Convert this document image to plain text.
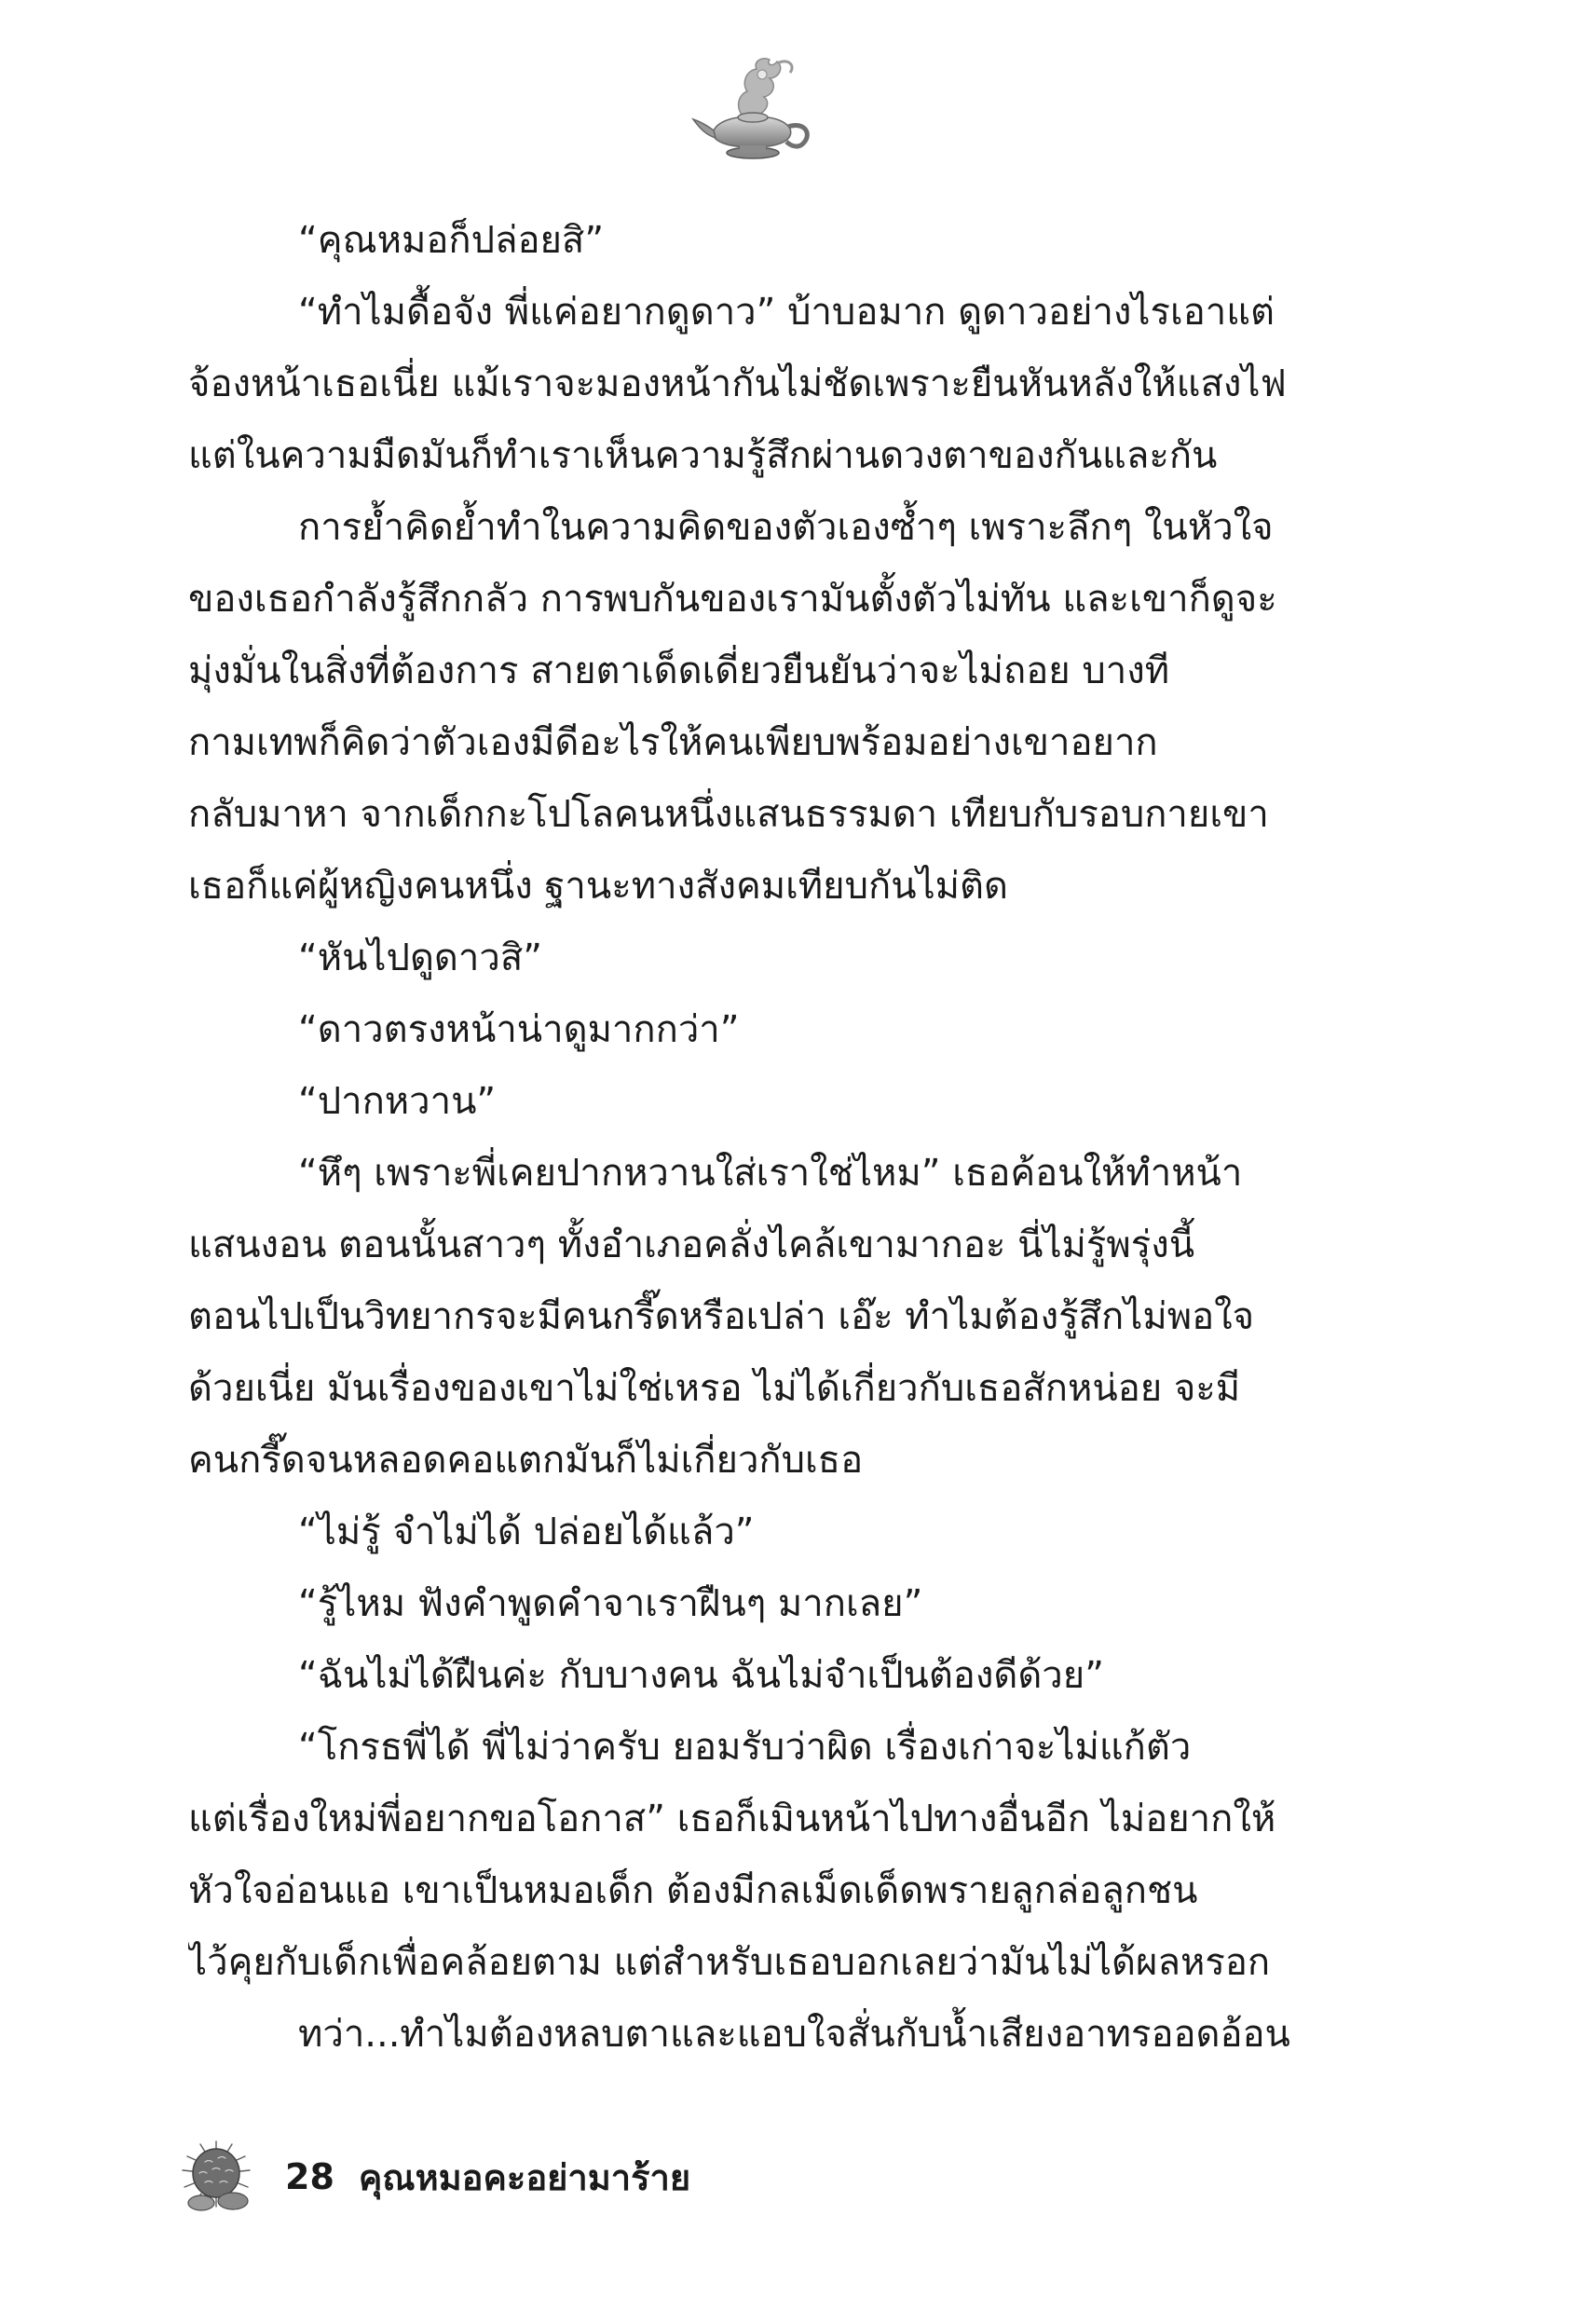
“คุณหมอก็ปล่อยสิ”

“ทำไมดื้อจัง พี่แค่อยากดูดาว” บ้าบอมาก ดูดาวอย่างไรเอาแต่

จ้องหน้าเธอเนี่ย แม้เราจะมองหน้ากันไม่ชัดเพราะยืนหันหลังให้แสงไฟ

แต่ในความมืดมันก็ทำเราเห็นความรู้สึกผ่านดวงตาของกันและกัน

การย้ำคิดย้ำทำในความคิดของตัวเองซ้ำๆ เพราะลึกๆ ในหัวใจ

ของเธอกำลังรู้สึกกลัว การพบกันของเรามันตั้งตัวไม่ทัน และเขาก็ดูจะ

มุ่งมั่นในสิ่งที่ต้องการ สายตาเด็ดเดี่ยวยืนยันว่าจะไม่ถอย บางที

กามเทพก็คิดว่าตัวเองมีดีอะไรให้คนเพียบพร้อมอย่างเขาอยาก

กลับมาหา จากเด็กกะโปโลคนหนึ่งแสนธรรมดา เทียบกับรอบกายเขา

เธอก็แค่ผู้หญิงคนหนึ่ง ฐานะทางสังคมเทียบกันไม่ติด

“หันไปดูดาวสิ”

“ดาวตรงหน้าน่าดูมากกว่า”

“ปากหวาน”

“หึๆ เพราะพี่เคยปากหวานใส่เราใช่ไหม” เธอค้อนให้ทำหน้า

แสนงอน ตอนนั้นสาวๆ ทั้งอำเภอคลั่งไคล้เขามากอะ นี่ไม่รู้พรุ่งนี้

ตอนไปเป็นวิทยากรจะมีคนกรี๊ดหรือเปล่า เอ๊ะ ทำไมต้องรู้สึกไม่พอใจ

ด้วยเนี่ย มันเรื่องของเขาไม่ใช่เหรอ ไม่ได้เกี่ยวกับเธอสักหน่อย จะมี

คนกรี๊ดจนหลอดคอแตกมันก็ไม่เกี่ยวกับเธอ

“ไม่รู้ จำไม่ได้ ปล่อยได้แล้ว”

“รู้ไหม ฟังคำพูดคำจาเราฝืนๆ มากเลย”

“ฉันไม่ได้ฝืนค่ะ กับบางคน ฉันไม่จำเป็นต้องดีด้วย”

“โกรธพี่ได้ พี่ไม่ว่าครับ ยอมรับว่าผิด เรื่องเก่าจะไม่แก้ตัว

แต่เรื่องใหม่พี่อยากขอโอกาส” เธอก็เมินหน้าไปทางอื่นอีก ไม่อยากให้

หัวใจอ่อนแอ เขาเป็นหมอเด็ก ต้องมีกลเม็ดเด็ดพรายลูกล่อลูกชน

ไว้คุยกับเด็กเพื่อคล้อยตาม แต่สำหรับเธอบอกเลยว่ามันไม่ได้ผลหรอก

ทว่า...ทำไมต้องหลบตาและแอบใจสั่นกับน้ำเสียงอาทรออดอ้อน

28 คุณหมอคะอย่ามาร้าย
